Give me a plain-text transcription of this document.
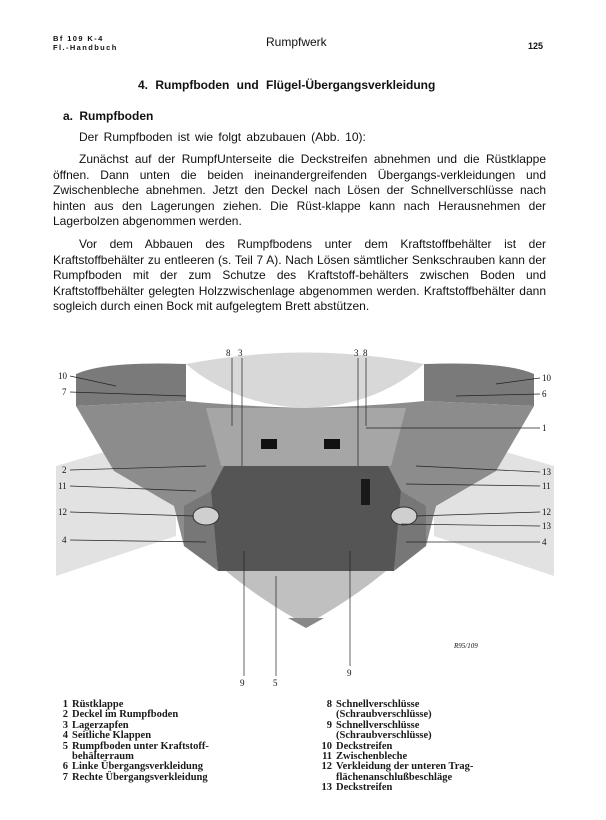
Bf 109 K-4
Fl.-Handbuch	Rumpfwerk	125
4. Rumpfboden und Flügel-Übergangsverkleidung
a. Rumpfboden

Der Rumpfboden ist wie folgt abzubauen (Abb. 10):

Zunächst auf der RumpfUnterseite die Deckstreifen abnehmen und die Rüstklappe öffnen. Dann unten die beiden ineinandergreifenden Übergangs-verkleidungen und Zwischenbleche abnehmen. Jetzt den Deckel nach Lösen der Schnellverschlüsse nach hinten aus den Lagerungen ziehen. Die Rüst-klappe kann nach Herausnehmen der Lagerbolzen abgenommen werden.

Vor dem Abbauen des Rumpfbodens unter dem Kraftstoffbehälter ist der Kraftstoffbehälter zu entleeren (s. Teil 7 A). Nach Lösen sämtlicher Senkschrauben kann der Rumpfboden mit der zum Schutze des Kraftstoff-behälters zwischen Boden und Kraftstoffbehälter gelegten Holzzwischenlage abgenommen werden. Kraftstoffbehälter dann sogleich durch einen Bock mit aufgelegtem Brett abstützen.

8 3	3 8
10
7
2
11
12
4
10
6
1
13
11
12
13
4
9	5
9
R95/109
1 Rüstklappe
2 Deckel im Rumpfboden
3 Lagerzapfen
4 Seitliche Klappen
5 Rumpfboden unter Kraftstoff-
behälterraum
6 Linke Übergangsverkleidung
7 Rechte Übergangsverkleidung
8 Schnellverschlüsse
(Schraubverschlüsse)
9 Schnellverschlüsse
(Schraubverschlüsse)
10 Deckstreifen
11 Zwischenbleche
12 Verkleidung der unteren Trag-
flächenanschlußbeschläge
13 Deckstreifen
